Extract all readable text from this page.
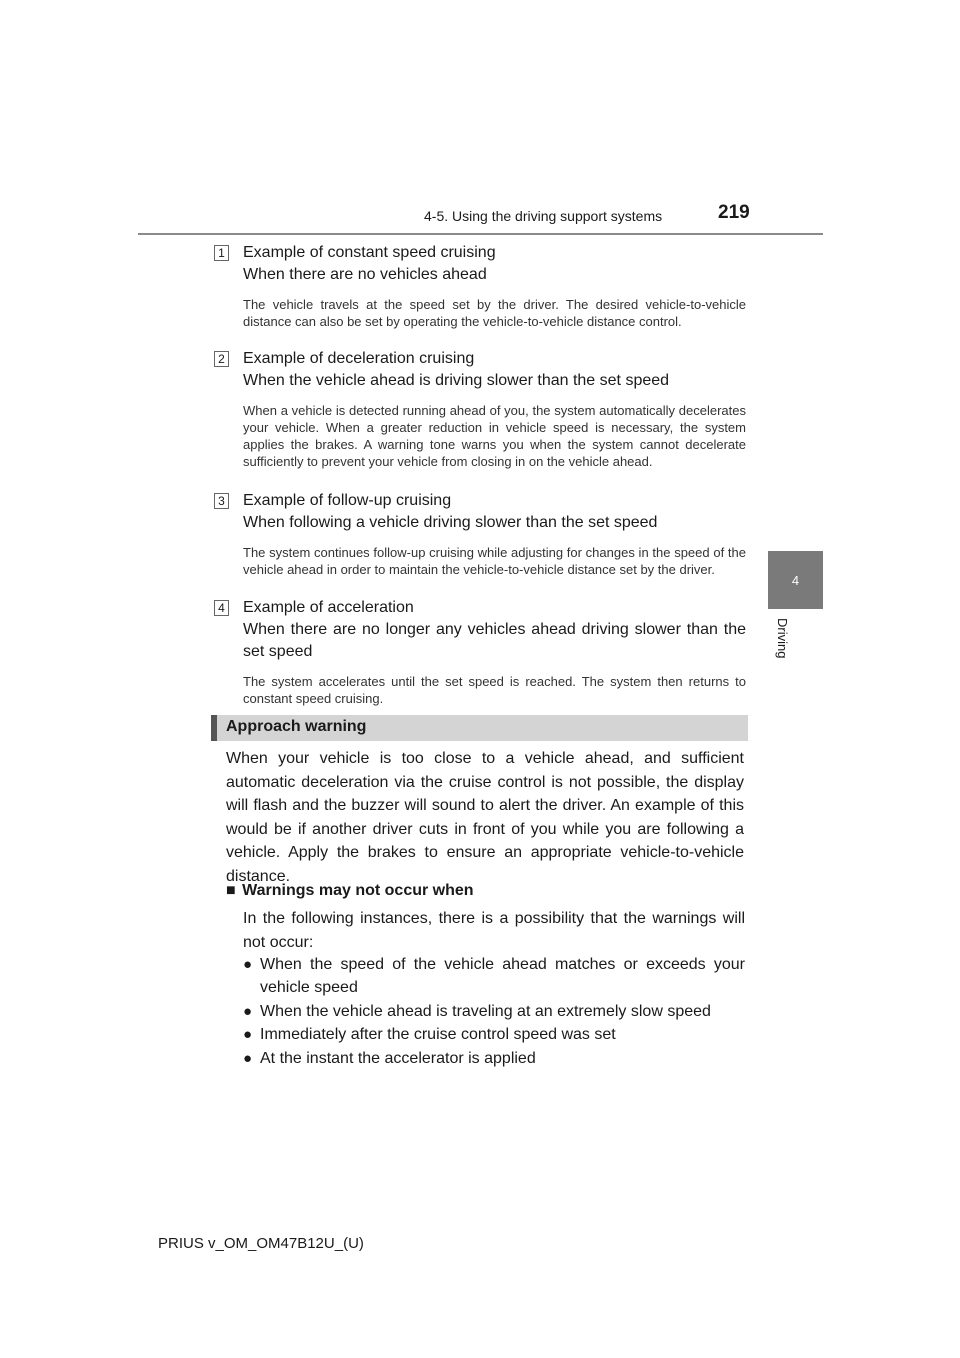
4-5. Using the driving support systems	219
4
Driving
1 Example of constant speed cruising
When there are no vehicles ahead
The vehicle travels at the speed set by the driver. The desired vehicle-to-vehicle distance can also be set by operating the vehicle-to-vehicle distance control.
2 Example of deceleration cruising
When the vehicle ahead is driving slower than the set speed
When a vehicle is detected running ahead of you, the system automatically decelerates your vehicle. When a greater reduction in vehicle speed is necessary, the system applies the brakes. A warning tone warns you when the system cannot decelerate sufficiently to prevent your vehicle from closing in on the vehicle ahead.
3 Example of follow-up cruising
When following a vehicle driving slower than the set speed
The system continues follow-up cruising while adjusting for changes in the speed of the vehicle ahead in order to maintain the vehicle-to-vehicle distance set by the driver.
4 Example of acceleration
When there are no longer any vehicles ahead driving slower than the set speed
The system accelerates until the set speed is reached. The system then returns to constant speed cruising.
Approach warning
When your vehicle is too close to a vehicle ahead, and sufficient automatic deceleration via the cruise control is not possible, the display will flash and the buzzer will sound to alert the driver. An example of this would be if another driver cuts in front of you while you are following a vehicle. Apply the brakes to ensure an appropriate vehicle-to-vehicle distance.
■ Warnings may not occur when
In the following instances, there is a possibility that the warnings will not occur:
● When the speed of the vehicle ahead matches or exceeds your vehicle speed
● When the vehicle ahead is traveling at an extremely slow speed
● Immediately after the cruise control speed was set
● At the instant the accelerator is applied
PRIUS v_OM_OM47B12U_(U)
